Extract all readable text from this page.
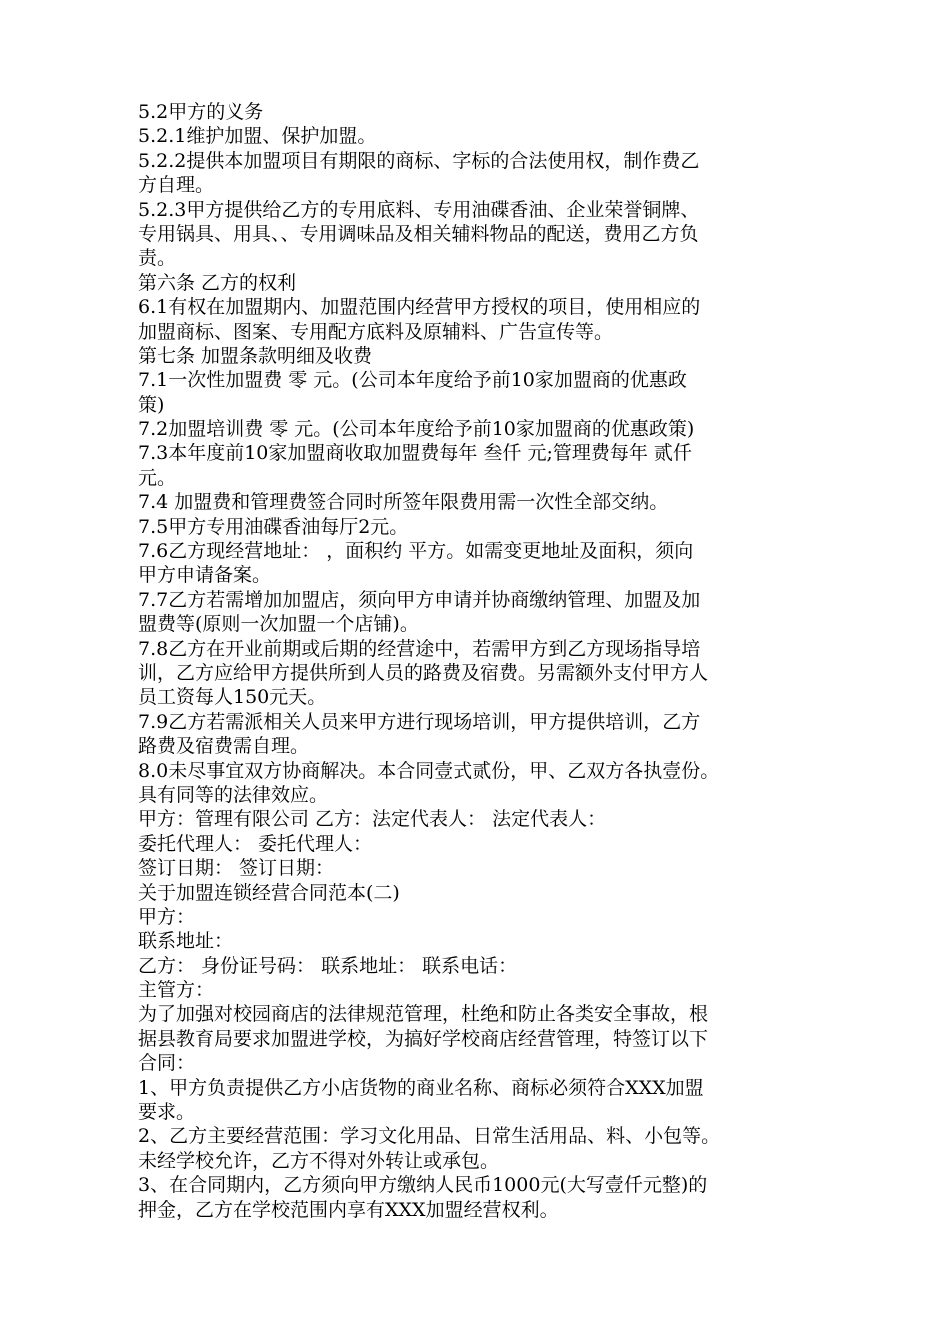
5.2甲方的义务
5.2.1维护加盟、保护加盟。
5.2.2提供本加盟项目有期限的商标、字标的合法使用权，制作费乙
方自理。
5.2.3甲方提供给乙方的专用底料、专用油碟香油、企业荣誉铜牌、
专用锅具、用具、、专用调味品及相关辅料物品的配送，费用乙方负
责。
第六条 乙方的权利
6.1有权在加盟期内、加盟范围内经营甲方授权的项目，使用相应的
加盟商标、图案、专用配方底料及原辅料、广告宣传等。
第七条 加盟条款明细及收费
7.1一次性加盟费 零 元。(公司本年度给予前10家加盟商的优惠政
策)
7.2加盟培训费 零 元。(公司本年度给予前10家加盟商的优惠政策)
7.3本年度前10家加盟商收取加盟费每年 叁仟 元;管理费每年 贰仟
元。
7.4 加盟费和管理费签合同时所签年限费用需一次性全部交纳。
7.5甲方专用油碟香油每厅2元。
7.6乙方现经营地址： ，面积约 平方。如需变更地址及面积，须向
甲方申请备案。
7.7乙方若需增加加盟店，须向甲方申请并协商缴纳管理、加盟及加
盟费等(原则一次加盟一个店铺)。
7.8乙方在开业前期或后期的经营途中，若需甲方到乙方现场指导培
训，乙方应给甲方提供所到人员的路费及宿费。另需额外支付甲方人
员工资每人150元天。
7.9乙方若需派相关人员来甲方进行现场培训，甲方提供培训，乙方
路费及宿费需自理。
8.0未尽事宜双方协商解决。本合同壹式贰份，甲、乙双方各执壹份。
具有同等的法律效应。
甲方：管理有限公司 乙方：法定代表人： 法定代表人：
委托代理人： 委托代理人：
签订日期： 签订日期：
关于加盟连锁经营合同范本(二)
甲方：
联系地址：
乙方： 身份证号码： 联系地址： 联系电话：
主管方：
为了加强对校园商店的法律规范管理，杜绝和防止各类安全事故，根
据县教育局要求加盟进学校，为搞好学校商店经营管理，特签订以下
合同：
1、甲方负责提供乙方小店货物的商业名称、商标必须符合XXX加盟
要求。
2、乙方主要经营范围：学习文化用品、日常生活用品、料、小包等。
未经学校允许，乙方不得对外转让或承包。
3、在合同期内，乙方须向甲方缴纳人民币1000元(大写壹仟元整)的
押金，乙方在学校范围内享有XXX加盟经营权利。
